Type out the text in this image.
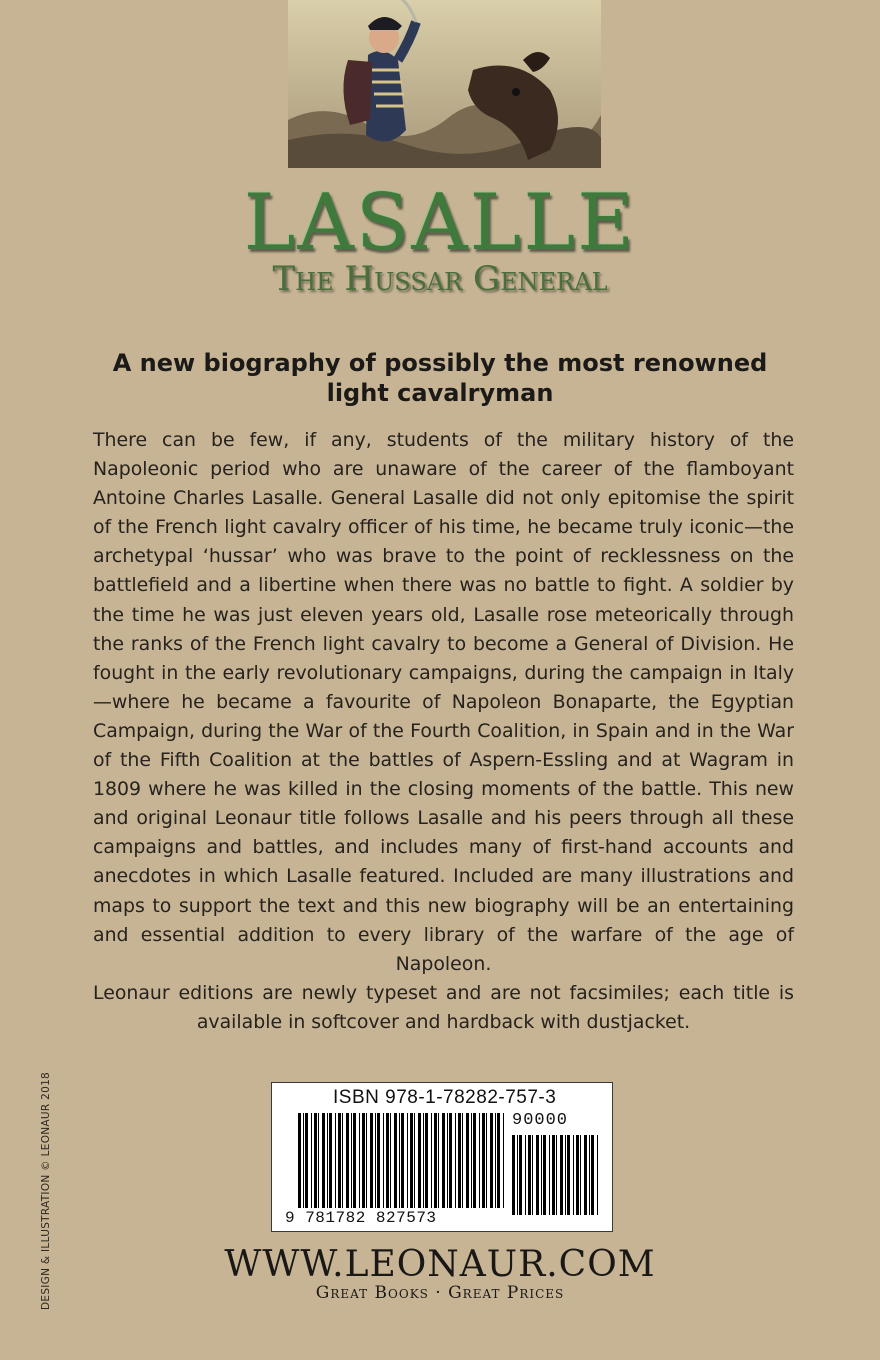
LASALLE
The Hussar General
A new biography of possibly the most renowned light cavalryman

There can be few, if any, students of the military history of the Napoleonic period who are unaware of the career of the flamboyant Antoine Charles Lasalle. General Lasalle did not only epitomise the spirit of the French light cavalry officer of his time, he became truly iconic—the archetypal ‘hussar’ who was brave to the point of recklessness on the battlefield and a libertine when there was no battle to fight. A soldier by the time he was just eleven years old, Lasalle rose meteorically through the ranks of the French light cavalry to become a General of Division. He fought in the early revolutionary campaigns, during the campaign in Italy—where he became a favourite of Napoleon Bonaparte, the Egyptian Campaign, during the War of the Fourth Coalition, in Spain and in the War of the Fifth Coalition at the battles of Aspern-Essling and at Wagram in 1809 where he was killed in the closing moments of the battle. This new and original Leonaur title follows Lasalle and his peers through all these campaigns and battles, and includes many of first-hand accounts and anecdotes in which Lasalle featured. Included are many illustrations and maps to support the text and this new biography will be an entertaining and essential addition to every library of the warfare of the age of Napoleon.

Leonaur editions are newly typeset and are not facsimiles; each title is available in softcover and hardback with dustjacket.

DESIGN & ILLUSTRATION © LEONAUR 2018	ISBN 978-1-78282-757-3
90000
9 781782 827573
WWW.LEONAUR.COM
Great Books · Great Prices
